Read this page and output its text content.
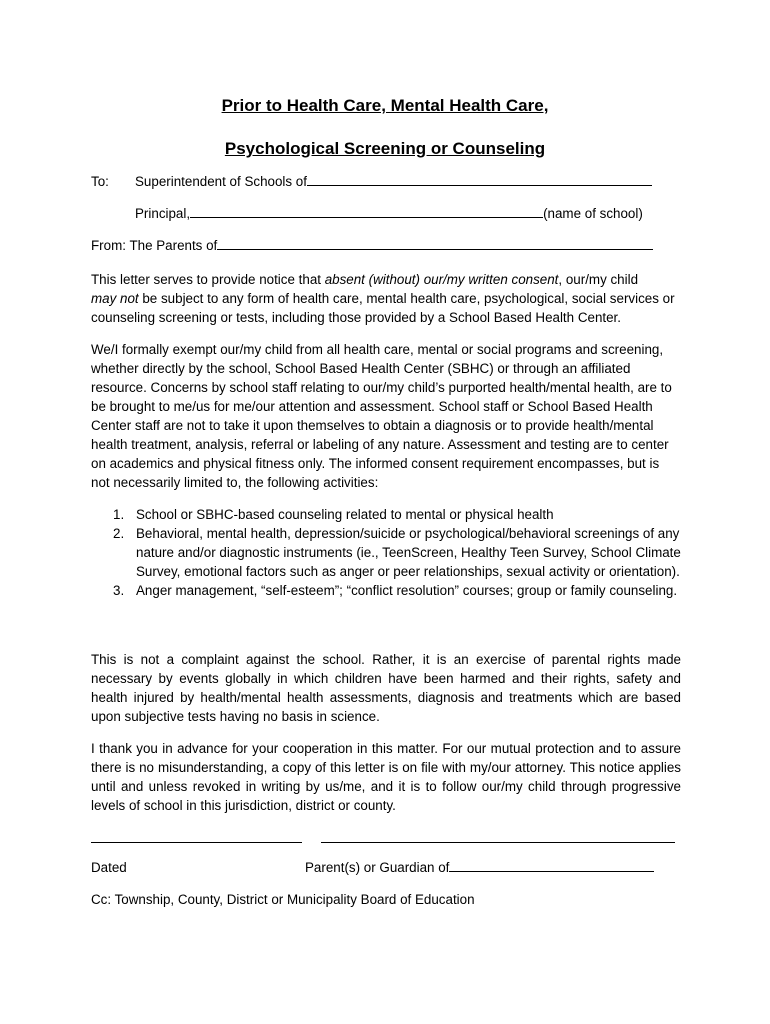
Prior to Health Care, Mental Health Care,
Psychological Screening or Counseling
To: Superintendent of Schools of
Principal,	(name of school)
From: The Parents of
This letter serves to provide notice that absent (without) our/my written consent, our/my child
may not be subject to any form of health care, mental health care, psychological, social services or counseling screening or tests, including those provided by a School Based Health Center.
We/I formally exempt our/my child from all health care, mental or social programs and screening, whether directly by the school, School Based Health Center (SBHC) or through an affiliated resource. Concerns by school staff relating to our/my child’s purported health/mental health, are to be brought to me/us for me/our attention and assessment. School staff or School Based Health Center staff are not to take it upon themselves to obtain a diagnosis or to provide health/mental health treatment, analysis, referral or labeling of any nature. Assessment and testing are to center on academics and physical fitness only. The informed consent requirement encompasses, but is not necessarily limited to, the following activities:
1. School or SBHC-based counseling related to mental or physical health
2. Behavioral, mental health, depression/suicide or psychological/behavioral screenings of any nature and/or diagnostic instruments (ie., TeenScreen, Healthy Teen Survey, School Climate Survey, emotional factors such as anger or peer relationships, sexual activity or orientation).
3. Anger management, “self-esteem”; “conflict resolution” courses; group or family counseling.
This is not a complaint against the school. Rather, it is an exercise of parental rights made necessary by events globally in which children have been harmed and their rights, safety and health injured by health/mental health assessments, diagnosis and treatments which are based upon subjective tests having no basis in science.
I thank you in advance for your cooperation in this matter. For our mutual protection and to assure there is no misunderstanding, a copy of this letter is on file with my/our attorney. This notice applies until and unless revoked in writing by us/me, and it is to follow our/my child through progressive levels of school in this jurisdiction, district or county.
Dated	Parent(s) or Guardian of
Cc: Township, County, District or Municipality Board of Education
